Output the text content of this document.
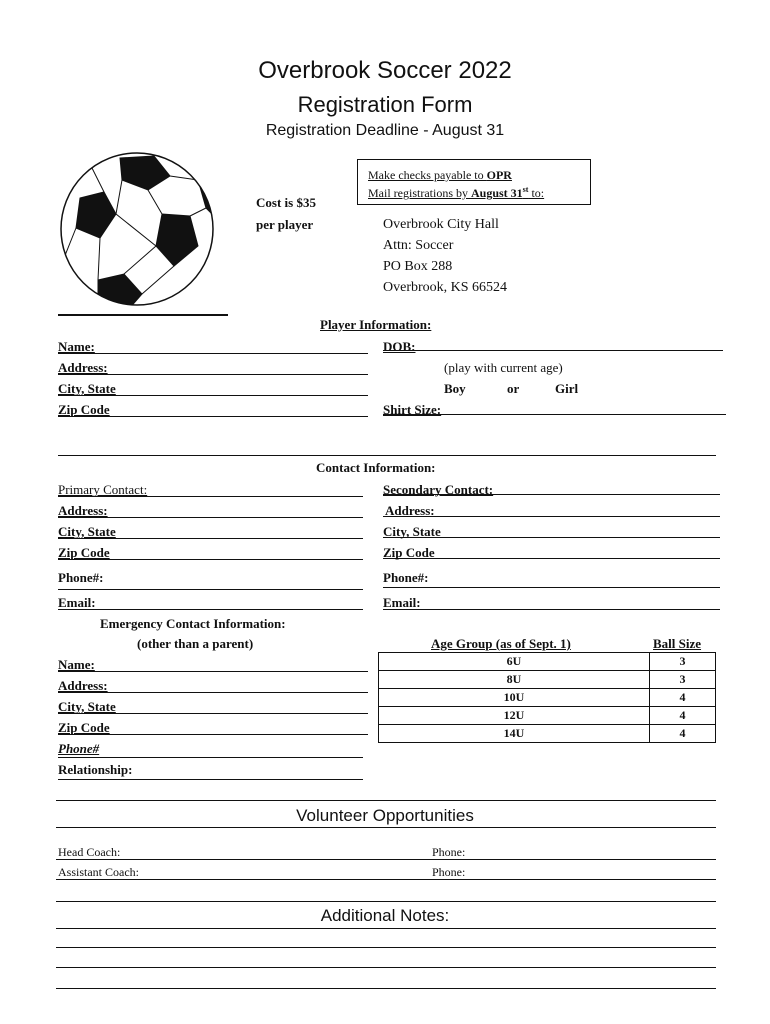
Overbrook Soccer 2022
Registration Form
Registration Deadline - August 31
Cost is $35
per player
Make checks payable to OPR
Mail registrations by August 31st to:
Overbrook City Hall
Attn: Soccer
PO Box 288
Overbrook, KS 66524
Player Information:
Name:	DOB:
Address:	(play with current age)
City, State	Boy	or	Girl
Zip Code	Shirt Size:
Contact Information:
Primary Contact:	Secondary Contact:
Address:	Address:
City, State	City, State
Zip Code	Zip Code
Phone#:	Phone#:
Email:	Email:
Emergency Contact Information:
(other than a parent)
Name:
Address:
City, State
Zip Code
Phone#
Relationship:
Age Group (as of Sept. 1)	Ball Size
6U	3
8U	3
10U	4
12U	4
14U	4
Volunteer Opportunities
Head Coach:	Phone:
Assistant Coach:	Phone:
Additional Notes:
